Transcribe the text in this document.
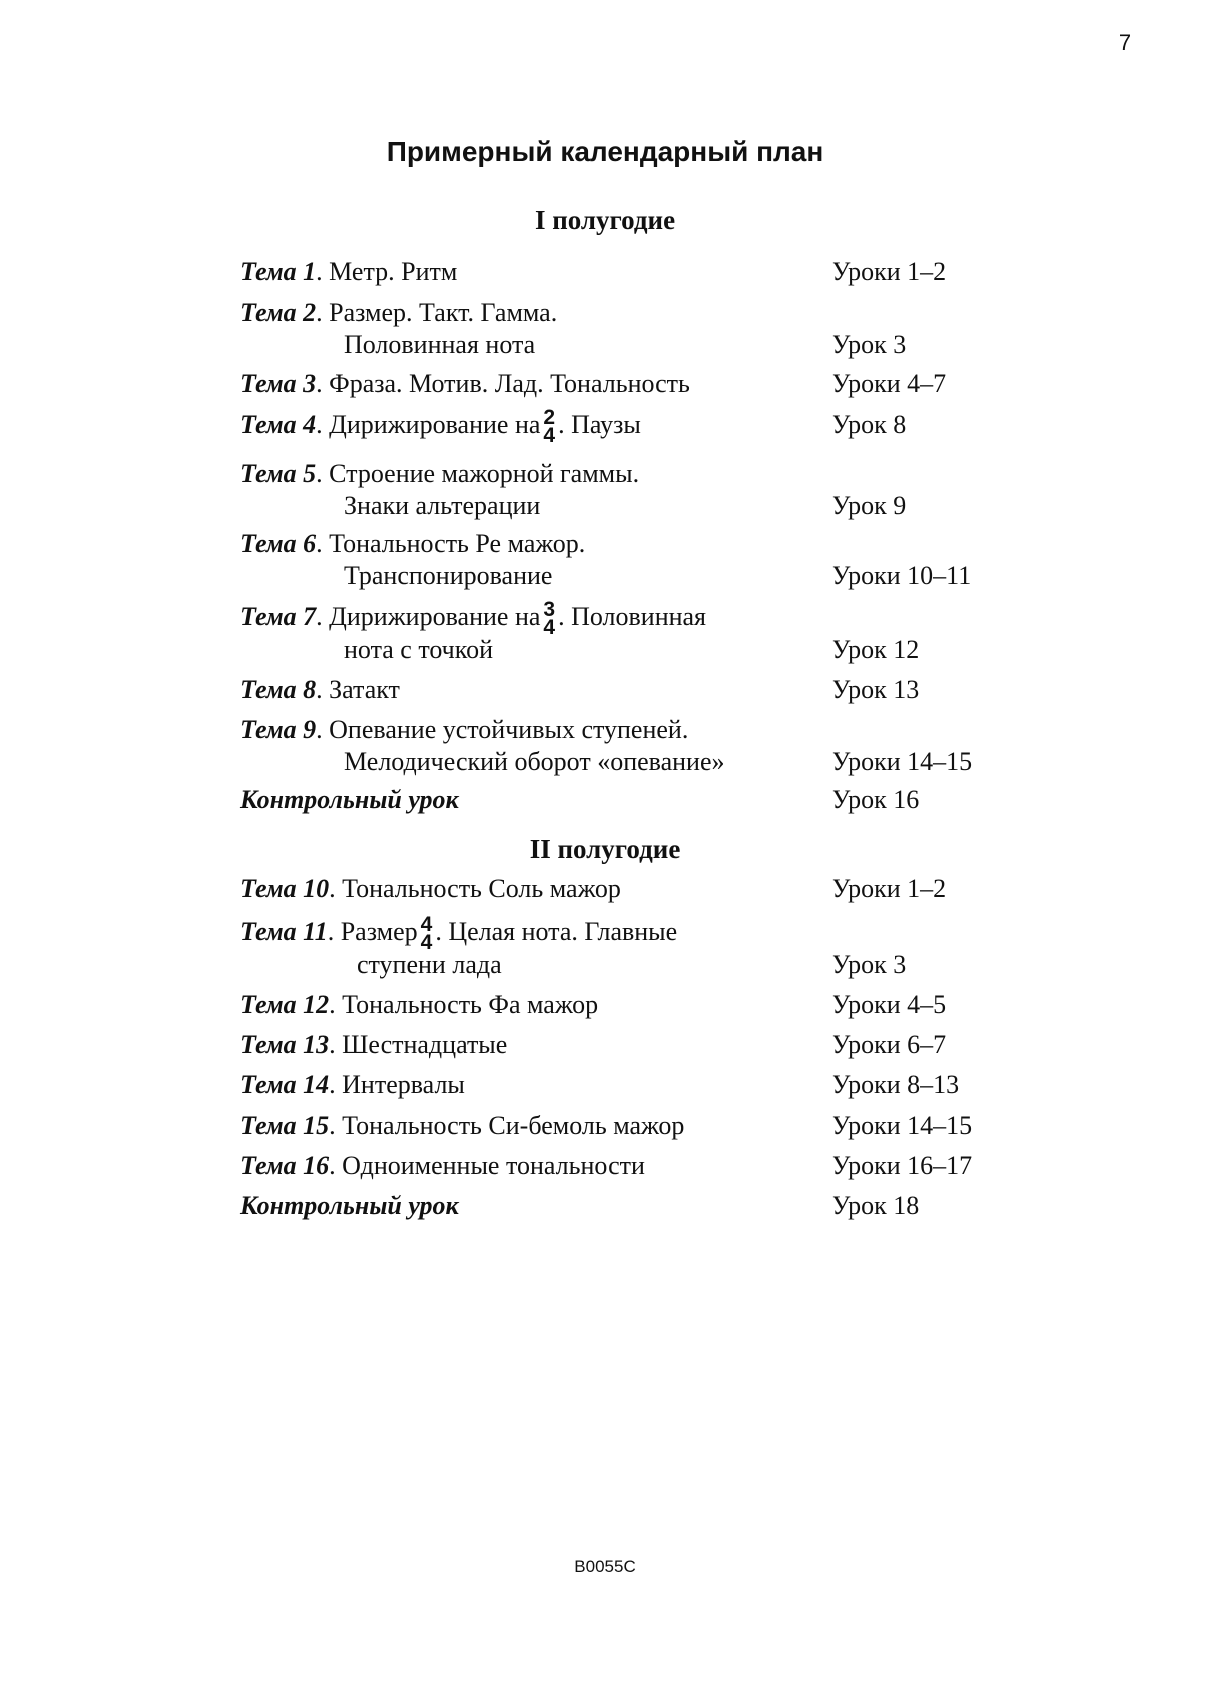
7
Примерный календарный план
I полугодие
Тема 1. Метр. Ритм	Уроки 1–2
Тема 2. Размер. Такт. Гамма.
Половинная нота	Урок 3
Тема 3. Фраза. Мотив. Лад. Тональность	Уроки 4–7
Тема 4. Дирижирование на 2
4 . Паузы	Урок 8
Тема 5. Строение мажорной гаммы.
Знаки альтерации	Урок 9
Тема 6. Тональность Ре мажор.
Транспонирование	Уроки 10–11
Тема 7. Дирижирование на 3
4 . Половинная
нота с точкой	Урок 12
Тема 8. Затакт	Урок 13
Тема 9. Опевание устойчивых ступеней.
Мелодический оборот «опевание»	Уроки 14–15
Контрольный урок	Урок 16
II полугодие
Тема 10. Тональность Соль мажор	Уроки 1–2
Тема 11. Размер 4
4 . Целая нота. Главные
ступени лада	Урок 3
Тема 12. Тональность Фа мажор	Уроки 4–5
Тема 13. Шестнадцатые	Уроки 6–7
Тема 14. Интервалы	Уроки 8–13
Тема 15. Тональность Си-бемоль мажор	Уроки 14–15
Тема 16. Одноименные тональности	Уроки 16–17
Контрольный урок	Урок 18
B0055C
